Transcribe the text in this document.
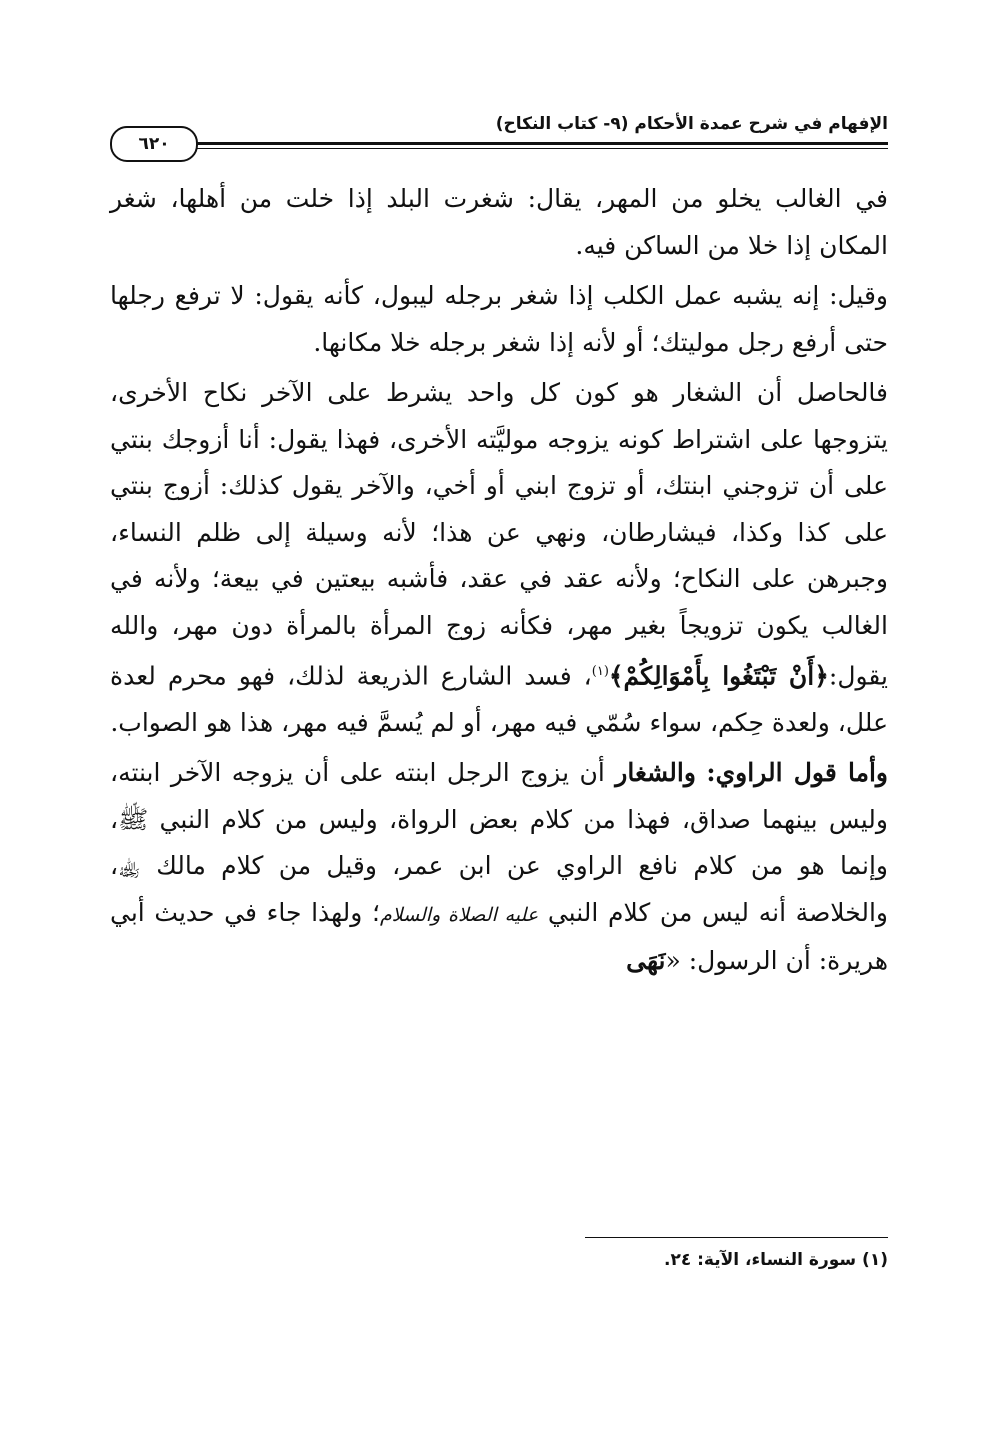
٦٢٠
الإفهام في شرح عمدة الأحكام (٩- كتاب النكاح)

في الغالب يخلو من المهر، يقال: شغرت البلد إذا خلت من أهلها، شغر المكان إذا خلا من الساكن فيه.

وقيل: إنه يشبه عمل الكلب إذا شغر برجله ليبول، كأنه يقول: لا ترفع رجلها حتى أرفع رجل موليتك؛ أو لأنه إذا شغر برجله خلا مكانها.

فالحاصل أن الشغار هو كون كل واحد يشرط على الآخر نكاح الأخرى، يتزوجها على اشتراط كونه يزوجه موليَّته الأخرى، فهذا يقول: أنا أزوجك بنتي على أن تزوجني ابنتك، أو تزوج ابني أو أخي، والآخر يقول كذلك: أزوج بنتي على كذا وكذا، فيشارطان، ونهي عن هذا؛ لأنه وسيلة إلى ظلم النساء، وجبرهن على النكاح؛ ولأنه عقد في عقد، فأشبه بيعتين في بيعة؛ ولأنه في الغالب يكون تزويجاً بغير مهر، فكأنه زوج المرأة بالمرأة دون مهر، والله يقول:﴿أَنْ تَبْتَغُوا بِأَمْوَالِكُمْ﴾$^{(١)}$، فسد الشارع الذريعة لذلك، فهو محرم لعدة علل، ولعدة حِكم، سواء سُمّي فيه مهر، أو لم يُسمَّ فيه مهر، هذا هو الصواب.

وأما قول الراوي: والشغار أن يزوج الرجل ابنته على أن يزوجه الآخر ابنته، وليس بينهما صداق، فهذا من كلام بعض الرواة، وليس من كلام النبي ﷺ، وإنما هو من كلام نافع الراوي عن ابن عمر، وقيل من كلام مالك ﵀، والخلاصة أنه ليس من كلام النبي عليه الصلاة والسلام؛ ولهذا جاء في حديث أبي هريرة: أن الرسول: «نَهَى

(١) سورة النساء، الآية: ٢٤.
